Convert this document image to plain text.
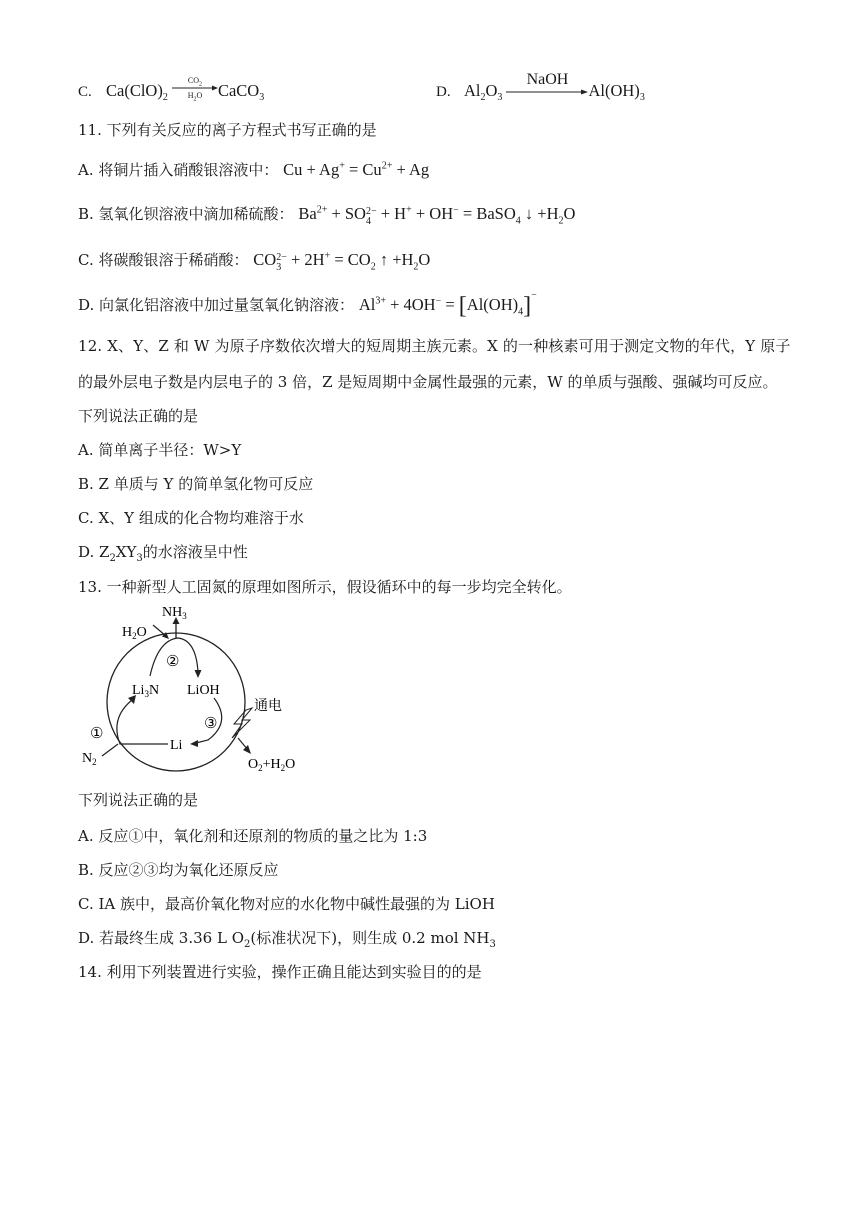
C. $Ca(ClO)_2$
$CO_2$
$H_2O$ CaCO$_3$	D. $Al_2O_3$
NaOH
$Al(OH)_3$
11. 下列有关反应的离子方程式书写正确的是
A. 将铜片插入硝酸银溶液中： $Cu + Ag^+ = Cu^{2+} + Ag$
B. 氢氧化钡溶液中滴加稀硫酸： $Ba^{2+}$ + SO 2−
4 + H+ + OH− = BaSO$_4$ ↓ $+H_2O$
C. 将碳酸银溶于稀硝酸： CO 2−
$3 + 2H^+ = CO_2$ ↑ $+H_2O$
D. 向氯化铝溶液中加过量氢氧化钠溶液： $Al^{3+} + 4OH^- = [Al(OH)_4]^-$
12. X、Y、Z 和 W 为原子序数依次增大的短周期主族元素。X 的一种核素可用于测定文物的年代，Y 原子
的最外层电子数是内层电子的 3 倍，Z 是短周期中金属性最强的元素，W 的单质与强酸、强碱均可反应。
下列说法正确的是
A. 简单离子半径：W>Y
B. Z 单质与 Y 的简单氢化物可反应
C. X、Y 组成的化合物均难溶于水
D. $Z_2XY_3$的水溶液呈中性
13. 一种新型人工固氮的原理如图所示，假设循环中的每一步均完全转化。
$NH_3$
$H_2O$
②
$Li_3N$ LiOH
①
③
通电
Li
$N_2$	$O_2+H_2O$
下列说法正确的是
A. 反应①中，氧化剂和还原剂的物质的量之比为 1:3
B. 反应②③均为氧化还原反应
C. IA 族中，最高价氧化物对应的水化物中碱性最强的为 LiOH
D. 若最终生成 3.36 L $O_2$(标准状况下)，则生成 0.2 mol $NH_3$
14. 利用下列装置进行实验，操作正确且能达到实验目的的是
